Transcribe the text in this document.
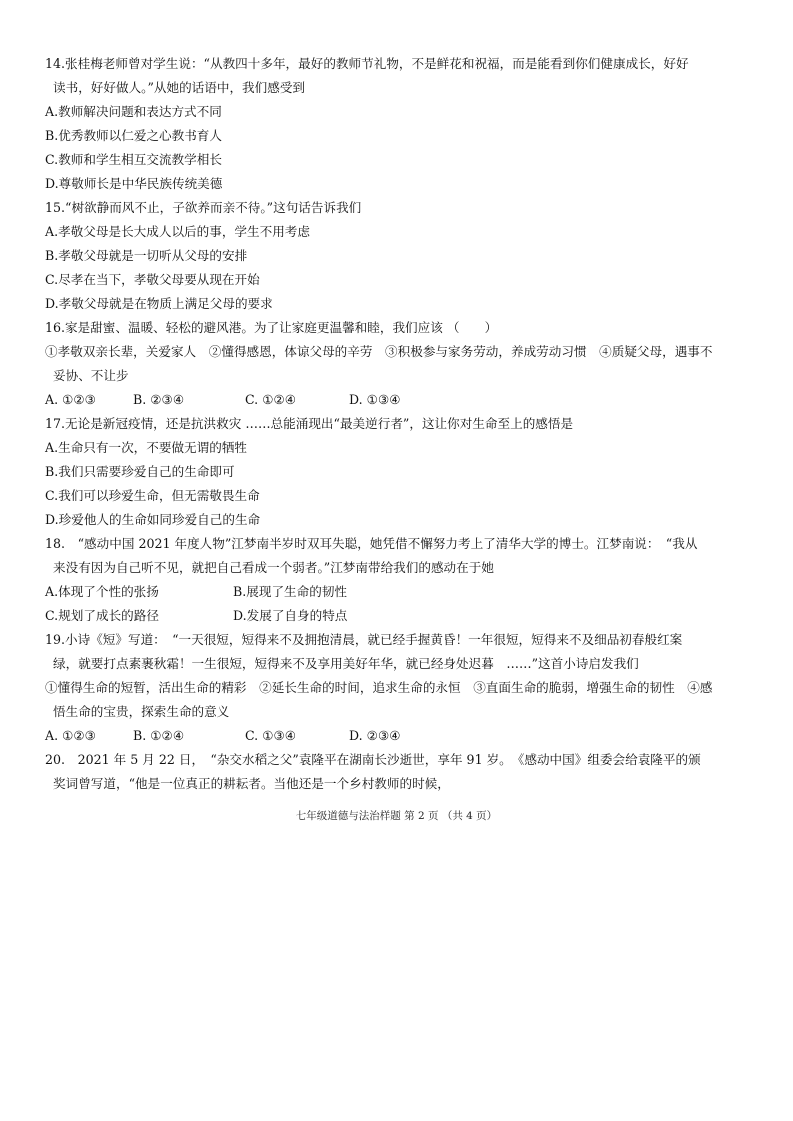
14.张桂梅老师曾对学生说：“从教四十多年，最好的教师节礼物，不是鲜花和祝福，而是能看到你们健康成长，好好
读书，好好做人。”从她的话语中，我们感受到
A.教师解决问题和表达方式不同
B.优秀教师以仁爱之心教书育人
C.教师和学生相互交流教学相长
D.尊敬师长是中华民族传统美德
15.“树欲静而风不止，子欲养而亲不待。”这句话告诉我们
A.孝敬父母是长大成人以后的事，学生不用考虑
B.孝敬父母就是一切听从父母的安排
C.尽孝在当下，孝敬父母要从现在开始
D.孝敬父母就是在物质上满足父母的要求
16.家是甜蜜、温暖、轻松的避风港。为了让家庭更温馨和睦，我们应该 （　　）
①孝敬双亲长辈，关爱家人　②懂得感恩，体谅父母的辛劳　③积极参与家务劳动，养成劳动习惯　④质疑父母，遇事不
妥协、不让步
A. ①②③	B. ②③④	C. ①②④	D. ①③④
17.无论是新冠疫情，还是抗洪救灾 ……总能涌现出“最美逆行者”，这让你对生命至上的感悟是
A.生命只有一次，不要做无谓的牺牲
B.我们只需要珍爱自己的生命即可
C.我们可以珍爱生命，但无需敬畏生命
D.珍爱他人的生命如同珍爱自己的生命
18.　“感动中国 2021 年度人物”江梦南半岁时双耳失聪，她凭借不懈努力考上了清华大学的博士。江梦南说：　“我从
来没有因为自己听不见，就把自己看成一个弱者。”江梦南带给我们的感动在于她
A.体现了个性的张扬	B.展现了生命的韧性
C.规划了成长的路径	D.发展了自身的特点
19.小诗《短》写道：　“一天很短，短得来不及拥抱清晨，就已经手握黄昏！一年很短，短得来不及细品初春般红案
绿，就要打点素裹秋霜！一生很短，短得来不及享用美好年华，就已经身处迟暮　……”这首小诗启发我们
①懂得生命的短暂，活出生命的精彩　②延长生命的时间，追求生命的永恒　③直面生命的脆弱，增强生命的韧性　④感
悟生命的宝贵，探索生命的意义
A. ①②③	B. ①②④	C. ①③④	D. ②③④
20.　2021 年 5 月 22 日，　“杂交水稻之父”袁隆平在湖南长沙逝世，享年 91 岁。　《感动中国》组委会给袁隆平的颁
奖词曾写道，“他是一位真正的耕耘者。当他还是一个乡村教师的时候，
七年级道德与法治样题 第 2 页 （共 4 页）
